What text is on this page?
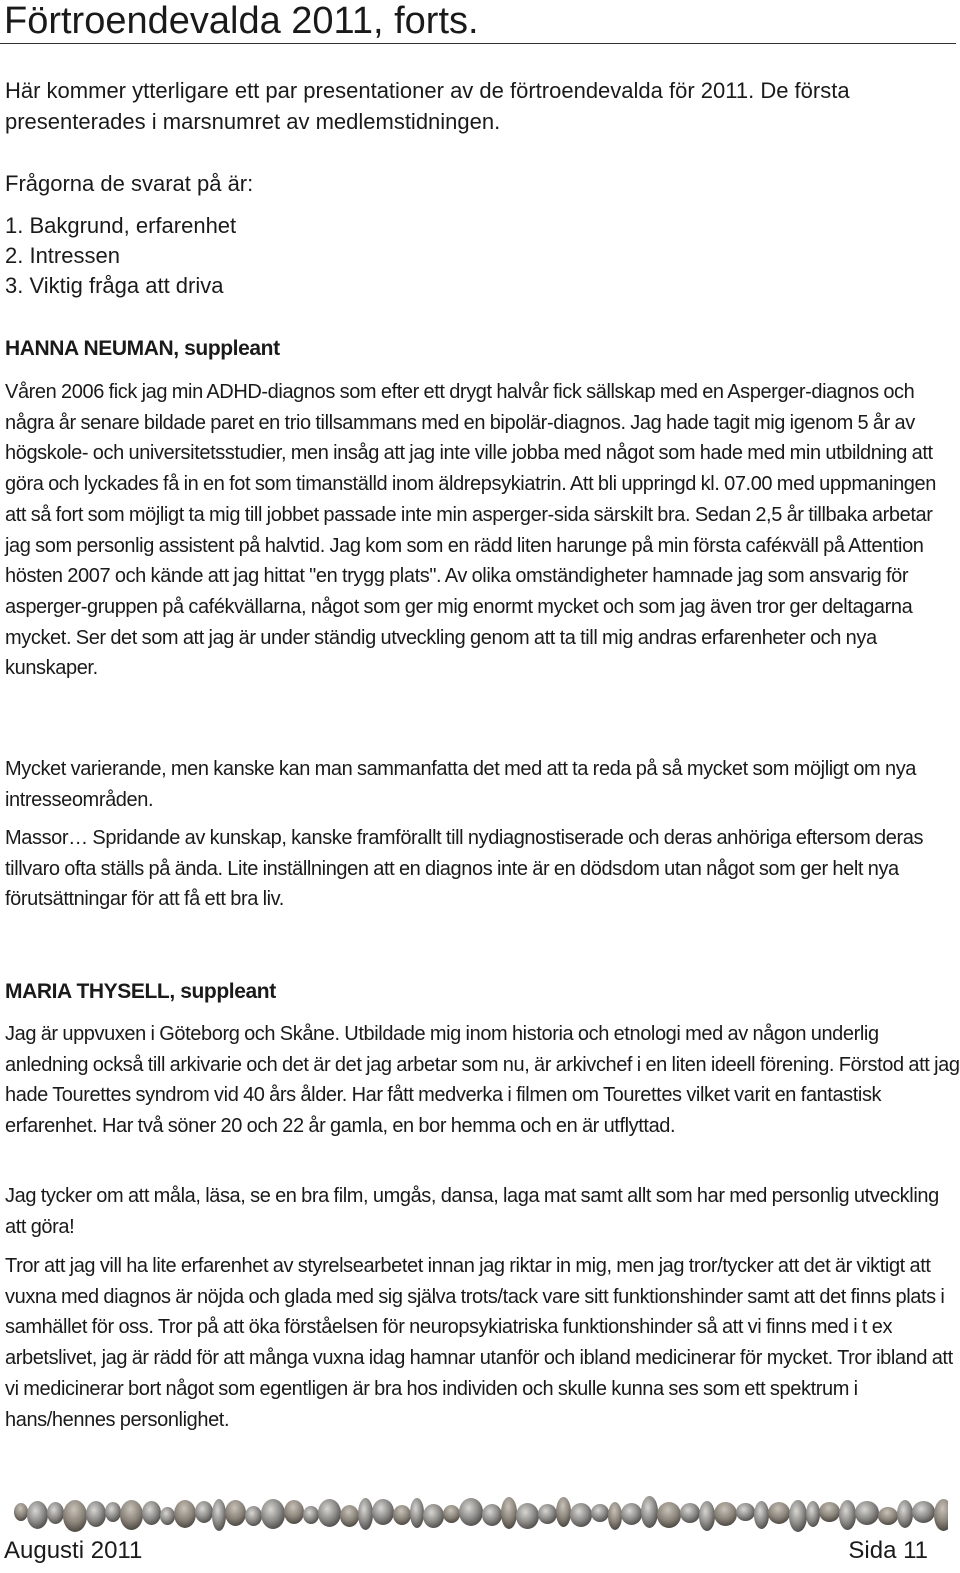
Förtroendevalda 2011, forts.

Här kommer ytterligare ett par presentationer av de förtroendevalda för 2011. De första presenterades i marsnumret av medlemstidningen.

Frågorna de svarat på är:

1. Bakgrund, erfarenhet
2. Intressen
3. Viktig fråga att driva
HANNA NEUMAN, suppleant

Våren 2006 fick jag min ADHD-diagnos som efter ett drygt halvår fick sällskap med en Asperger-diagnos och några år senare bildade paret en trio tillsammans med en bipolär-diagnos. Jag hade tagit mig igenom 5 år av högskole- och universitetsstudier, men insåg att jag inte ville jobba med något som hade med min utbildning att göra och lyckades få in en fot som timanställd inom äldrepsykiatrin. Att bli uppringd kl. 07.00 med uppmaningen att så fort som möjligt ta mig till jobbet passade inte min asperger-sida särskilt bra. Sedan 2,5 år tillbaka arbetar jag som personlig assistent på halvtid. Jag kom som en rädd liten harunge på min första caféкväll på Attention hösten 2007 och kände att jag hittat "en trygg plats". Av olika omständigheter hamnade jag som ansvarig för asperger-gruppen på cafékvällarna, något som ger mig enormt mycket och som jag även tror ger deltagarna mycket. Ser det som att jag är under ständig utveckling genom att ta till mig andras erfarenheter och nya kunskaper.

Mycket varierande, men kanske kan man sammanfatta det med att ta reda på så mycket som möjligt om nya intresseområden.

Massor… Spridande av kunskap, kanske framförallt till nydiagnostiserade och deras anhöriga eftersom deras tillvaro ofta ställs på ända. Lite inställningen att en diagnos inte är en dödsdom utan något som ger helt nya förutsättningar för att få ett bra liv.

MARIA THYSELL, suppleant

Jag är uppvuxen i Göteborg och Skåne. Utbildade mig inom historia och etnologi med av någon underlig anledning också till arkivarie och det är det jag arbetar som nu, är arkivchef i en liten ideell förening. Förstod att jag hade Tourettes syndrom vid 40 års ålder. Har fått medverka i filmen om Tourettes vilket varit en fantastisk erfarenhet. Har två söner 20 och 22 år gamla, en bor hemma och en är utflyttad.

Jag tycker om att måla, läsa, se en bra film, umgås, dansa, laga mat samt allt som har med personlig utveckling att göra!

Tror att jag vill ha lite erfarenhet av styrelsearbetet innan jag riktar in mig, men jag tror/tycker att det är viktigt att vuxna med diagnos är nöjda och glada med sig själva trots/tack vare sitt funktionshinder samt att det finns plats i samhället för oss. Tror på att öka förståelsen för neuropsykiatriska funktionshinder så att vi finns med i t ex arbetslivet, jag är rädd för att många vuxna idag hamnar utanför och ibland medicinerar för mycket. Tror ibland att vi medicinerar bort något som egentligen är bra hos individen och skulle kunna ses som ett spektrum i hans/hennes personlighet.

Augusti 2011	Sida 11
